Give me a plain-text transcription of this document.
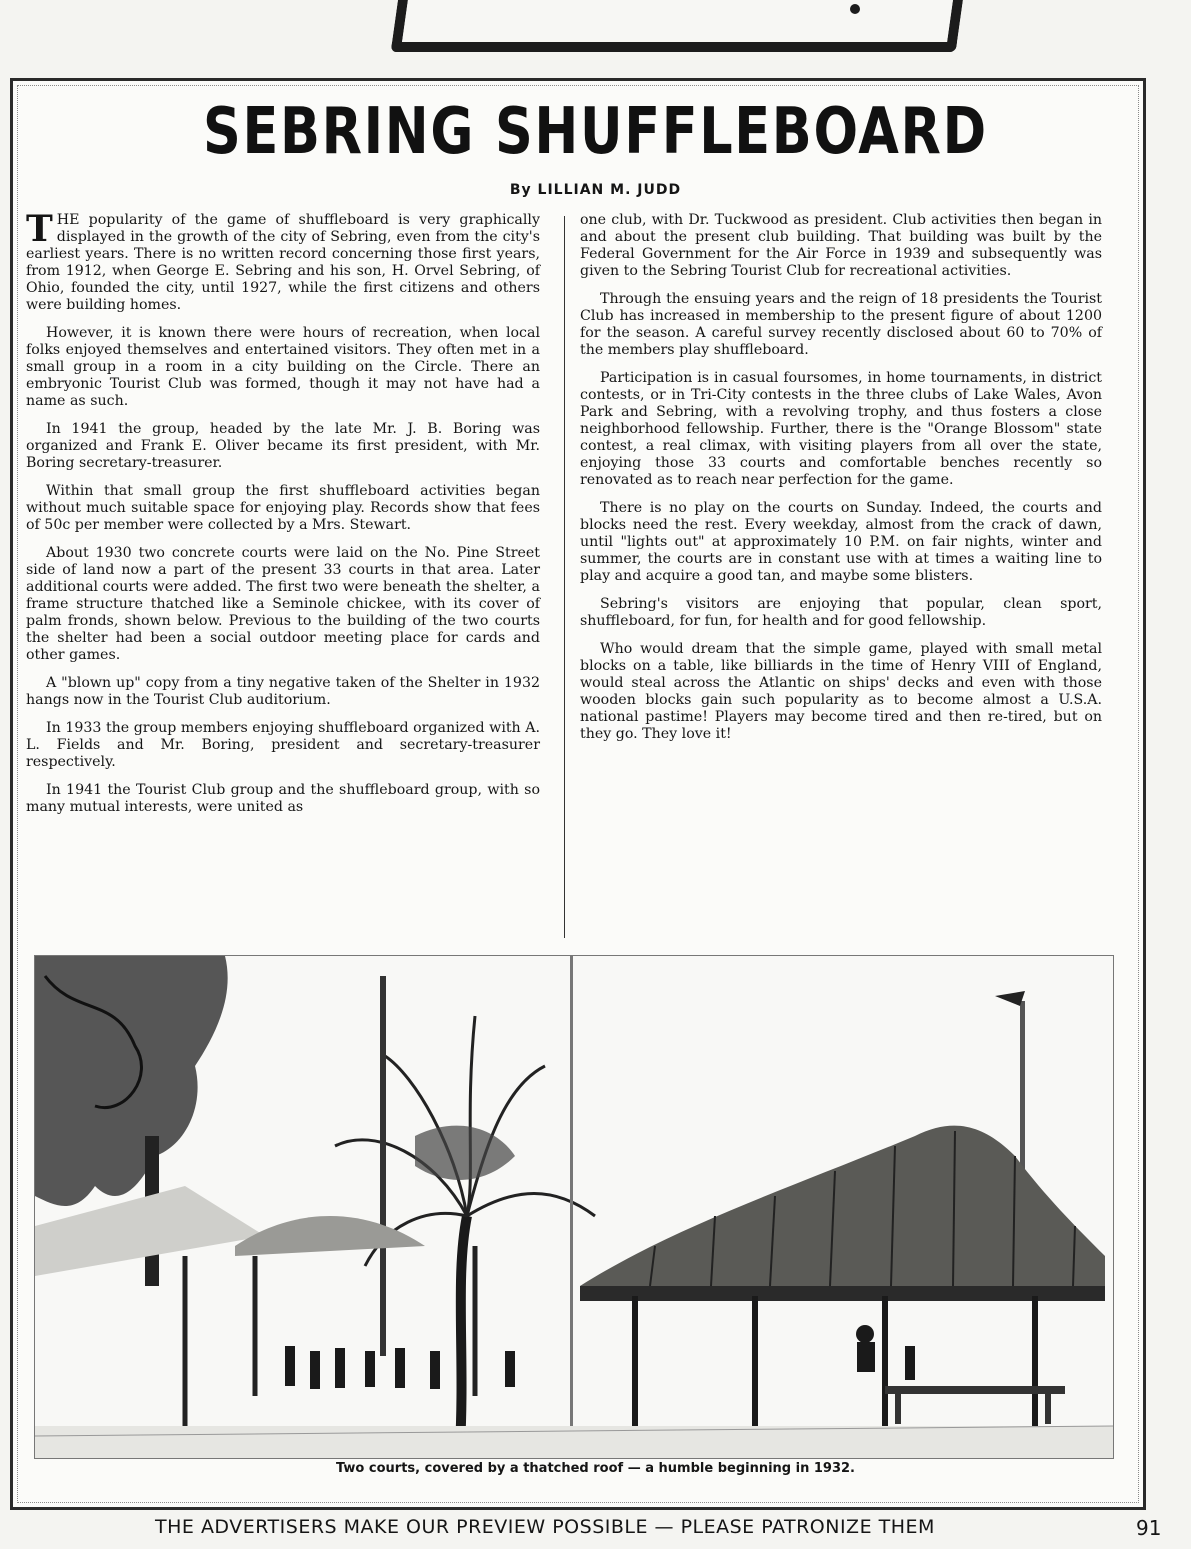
SEBRING SHUFFLEBOARD
By LILLIAN M. JUDD

THE popularity of the game of shuffleboard is very graphically displayed in the growth of the city of Sebring, even from the city's earliest years. There is no written record concerning those first years, from 1912, when George E. Sebring and his son, H. Orvel Sebring, of Ohio, founded the city, until 1927, while the first citizens and others were building homes.

However, it is known there were hours of recreation, when local folks enjoyed themselves and entertained visitors. They often met in a small group in a room in a city building on the Circle. There an embryonic Tourist Club was formed, though it may not have had a name as such.

In 1941 the group, headed by the late Mr. J. B. Boring was organized and Frank E. Oliver became its first president, with Mr. Boring secretary-treasurer.

Within that small group the first shuffleboard activities began without much suitable space for enjoying play. Records show that fees of 50c per member were collected by a Mrs. Stewart.

About 1930 two concrete courts were laid on the No. Pine Street side of land now a part of the present 33 courts in that area. Later additional courts were added. The first two were beneath the shelter, a frame structure thatched like a Seminole chickee, with its cover of palm fronds, shown below. Previous to the building of the two courts the shelter had been a social outdoor meeting place for cards and other games.

A "blown up" copy from a tiny negative taken of the Shelter in 1932 hangs now in the Tourist Club auditorium.

In 1933 the group members enjoying shuffleboard organized with A. L. Fields and Mr. Boring, president and secretary-treasurer respectively.

In 1941 the Tourist Club group and the shuffleboard group, with so many mutual interests, were united as

one club, with Dr. Tuckwood as president. Club activities then began in and about the present club building. That building was built by the Federal Government for the Air Force in 1939 and subsequently was given to the Sebring Tourist Club for recreational activities.

Through the ensuing years and the reign of 18 presidents the Tourist Club has increased in membership to the present figure of about 1200 for the season. A careful survey recently disclosed about 60 to 70% of the members play shuffleboard.

Participation is in casual foursomes, in home tournaments, in district contests, or in Tri-City contests in the three clubs of Lake Wales, Avon Park and Sebring, with a revolving trophy, and thus fosters a close neighborhood fellowship. Further, there is the "Orange Blossom" state contest, a real climax, with visiting players from all over the state, enjoying those 33 courts and comfortable benches recently so renovated as to reach near perfection for the game.

There is no play on the courts on Sunday. Indeed, the courts and blocks need the rest. Every weekday, almost from the crack of dawn, until "lights out" at approximately 10 P.M. on fair nights, winter and summer, the courts are in constant use with at times a waiting line to play and acquire a good tan, and maybe some blisters.

Sebring's visitors are enjoying that popular, clean sport, shuffleboard, for fun, for health and for good fellowship.

Who would dream that the simple game, played with small metal blocks on a table, like billiards in the time of Henry VIII of England, would steal across the Atlantic on ships' decks and even with those wooden blocks gain such popularity as to become almost a U.S.A. national pastime! Players may become tired and then re-tired, but on they go. They love it!

Two courts, covered by a thatched roof — a humble beginning in 1932.
THE ADVERTISERS MAKE OUR PREVIEW POSSIBLE — PLEASE PATRONIZE THEM	91
